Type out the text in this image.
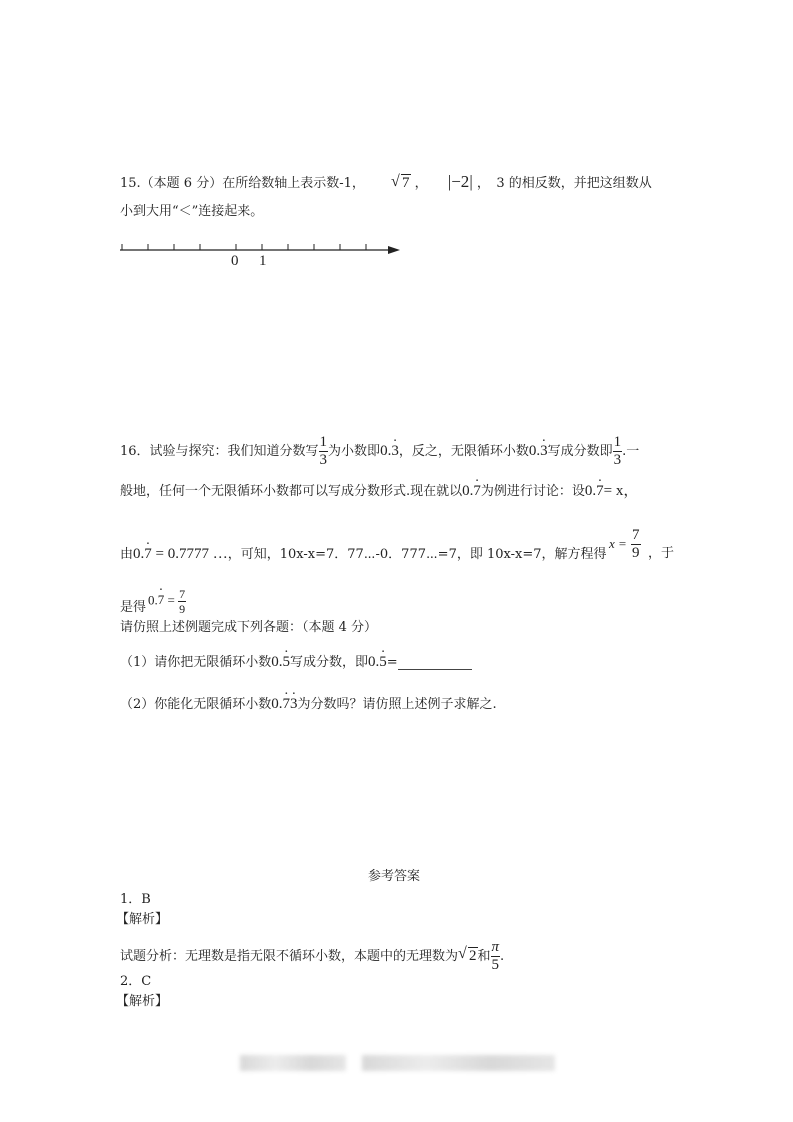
15.（本题 6 分）在所给数轴上表示数-1， √ 7 ， |−2| ，　3 的相反数，并把这组数从
小到大用“＜”连接起来。
0 1
16．试验与探究：我们知道分数写 $\frac{1}{3}$ 为小数即0.3 ·，反之，无限循环小数0.3 ·写成分数即 $\frac{1}{3}$ .一
般地，任何一个无限循环小数都可以写成分数形式.现在就以0.7 ·为例进行讨论：设0.7 ·= x，
由0.7 · = 0.7777 …，可知，10x-x=7．77⋯-0．777⋯=7，即 10x-x=7，解方程得
$x = \frac{7}{9}$ ，于
0.7 · = $\frac{7}{9}$
是得
请仿照上述例题完成下列各题：（本题 4 分）
（1）请你把无限循环小数0.5 ·写成分数，即0.5 ·=
（2）你能化无限循环小数0.7 ·3 ·为分数吗？请仿照上述例子求解之.
参考答案
1．B
【解析】
试题分析：无理数是指无限不循环小数，本题中的无理数为 √ 2和 $\frac{\pi}{5}$ .
2．C
【解析】
